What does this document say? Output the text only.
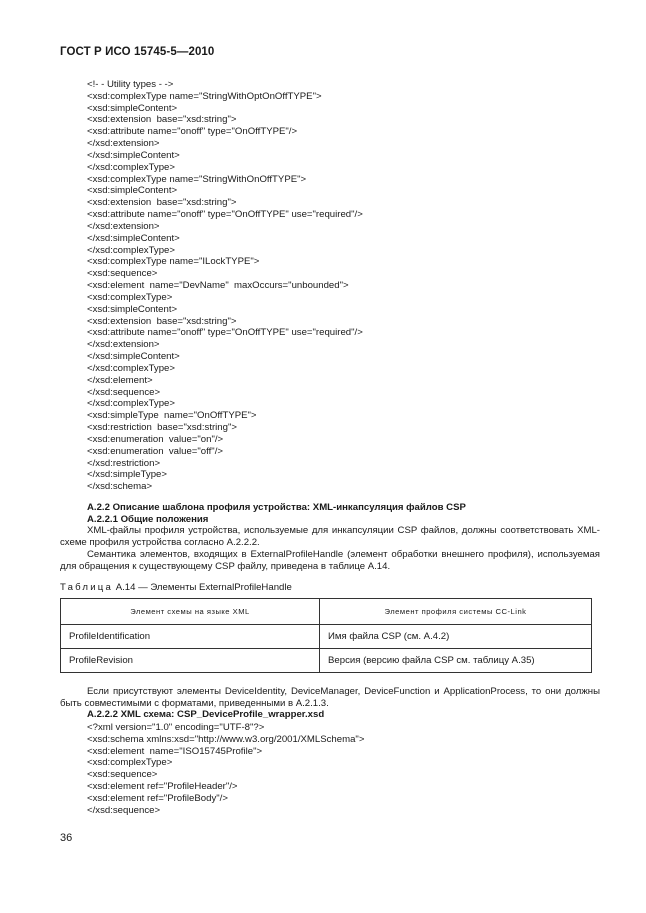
ГОСТ Р ИСО 15745-5—2010
<!- - Utility types - ->
<xsd:complexType name="StringWithOptOnOffTYPE">
<xsd:simpleContent>
<xsd:extension  base="xsd:string">
<xsd:attribute name="onoff" type="OnOffTYPE"/>
</xsd:extension>
</xsd:simpleContent>
</xsd:complexType>
<xsd:complexType name="StringWithOnOffTYPE">
<xsd:simpleContent>
<xsd:extension  base="xsd:string">
<xsd:attribute name="onoff" type="OnOffTYPE" use="required"/>
</xsd:extension>
</xsd:simpleContent>
</xsd:complexType>
<xsd:complexType name="ILockTYPE">
<xsd:sequence>
<xsd:element  name="DevName"  maxOccurs="unbounded">
<xsd:complexType>
<xsd:simpleContent>
<xsd:extension  base="xsd:string">
<xsd:attribute name="onoff" type="OnOffTYPE" use="required"/>
</xsd:extension>
</xsd:simpleContent>
</xsd:complexType>
</xsd:element>
</xsd:sequence>
</xsd:complexType>
<xsd:simpleType  name="OnOffTYPE">
<xsd:restriction  base="xsd:string">
<xsd:enumeration  value="on"/>
<xsd:enumeration  value="off"/>
</xsd:restriction>
</xsd:simpleType>
</xsd:schema>
A.2.2 Описание шаблона профиля устройства: XML-инкапсуляция файлов CSP
A.2.2.1 Общие положения
XML-файлы профиля устройства, используемые для инкапсуляции CSP файлов, должны соответствовать XML-схеме профиля устройства согласно A.2.2.2.
Семантика элементов, входящих в ExternalProfileHandle (элемент обработки внешнего профиля), используемая для обращения к существующему CSP файлу, приведена в таблице A.14.
Таблица A.14 — Элементы ExternalProfileHandle
Элемент схемы на языке XML	Элемент профиля системы CC-Link
ProfileIdentification	Имя файла CSP (см. A.4.2)
ProfileRevision	Версия (версию файла CSP см. таблицу A.35)
Если присутствуют элементы DeviceIdentity, DeviceManager, DeviceFunction и ApplicationProcess, то они должны быть совместимыми с форматами, приведенными в A.2.1.3.
A.2.2.2 XML схема: CSP_DeviceProfile_wrapper.xsd
<?xml version="1.0" encoding="UTF-8"?>
<xsd:schema xmlns:xsd="http://www.w3.org/2001/XMLSchema">
<xsd:element  name="ISO15745Profile">
<xsd:complexType>
<xsd:sequence>
<xsd:element ref="ProfileHeader"/>
<xsd:element ref="ProfileBody"/>
</xsd:sequence>
36
